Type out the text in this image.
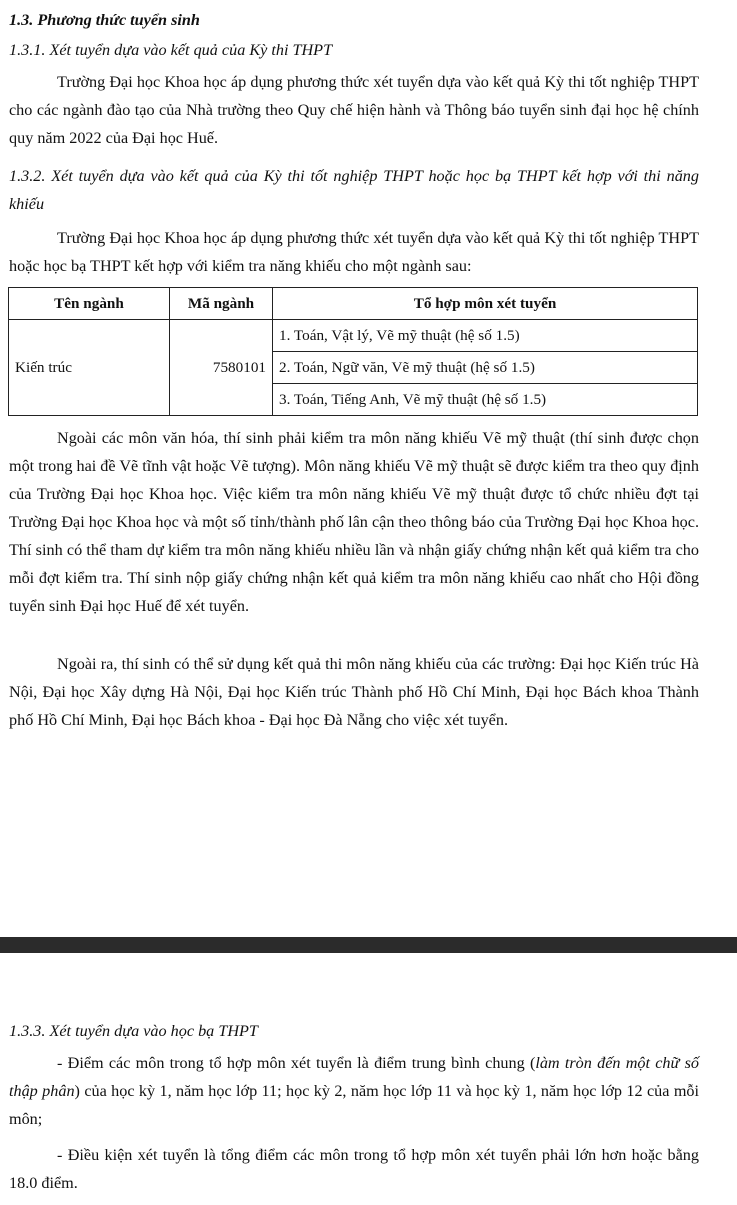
1.3. Phương thức tuyển sinh
1.3.1. Xét tuyển dựa vào kết quả của Kỳ thi THPT
Trường Đại học Khoa học áp dụng phương thức xét tuyển dựa vào kết quả Kỳ thi tốt nghiệp THPT cho các ngành đào tạo của Nhà trường theo Quy chế hiện hành và Thông báo tuyển sinh đại học hệ chính quy năm 2022 của Đại học Huế.
1.3.2. Xét tuyển dựa vào kết quả của Kỳ thi tốt nghiệp THPT hoặc học bạ THPT kết hợp với thi năng khiếu
Trường Đại học Khoa học áp dụng phương thức xét tuyển dựa vào kết quả Kỳ thi tốt nghiệp THPT hoặc học bạ THPT kết hợp với kiểm tra năng khiếu cho một ngành sau:
Tên ngành	Mã ngành	Tổ hợp môn xét tuyển
Kiến trúc	7580101	1. Toán, Vật lý, Vẽ mỹ thuật (hệ số 1.5)
		2. Toán, Ngữ văn, Vẽ mỹ thuật (hệ số 1.5)
		3. Toán, Tiếng Anh, Vẽ mỹ thuật (hệ số 1.5)
Ngoài các môn văn hóa, thí sinh phải kiểm tra môn năng khiếu Vẽ mỹ thuật (thí sinh được chọn một trong hai đề Vẽ tĩnh vật hoặc Vẽ tượng). Môn năng khiếu Vẽ mỹ thuật sẽ được kiểm tra theo quy định của Trường Đại học Khoa học. Việc kiểm tra môn năng khiếu Vẽ mỹ thuật được tổ chức nhiều đợt tại Trường Đại học Khoa học và một số tỉnh/thành phố lân cận theo thông báo của Trường Đại học Khoa học. Thí sinh có thể tham dự kiểm tra môn năng khiếu nhiều lần và nhận giấy chứng nhận kết quả kiểm tra cho mỗi đợt kiểm tra. Thí sinh nộp giấy chứng nhận kết quả kiểm tra môn năng khiếu cao nhất cho Hội đồng tuyển sinh Đại học Huế để xét tuyển.
Ngoài ra, thí sinh có thể sử dụng kết quả thi môn năng khiếu của các trường: Đại học Kiến trúc Hà Nội, Đại học Xây dựng Hà Nội, Đại học Kiến trúc Thành phố Hồ Chí Minh, Đại học Bách khoa Thành phố Hồ Chí Minh, Đại học Bách khoa - Đại học Đà Nẵng cho việc xét tuyển.
1.3.3. Xét tuyển dựa vào học bạ THPT
- Điểm các môn trong tổ hợp môn xét tuyển là điểm trung bình chung (làm tròn đến một chữ số thập phân) của học kỳ 1, năm học lớp 11; học kỳ 2, năm học lớp 11 và học kỳ 1, năm học lớp 12 của mỗi môn;
- Điều kiện xét tuyển là tổng điểm các môn trong tổ hợp môn xét tuyển phải lớn hơn hoặc bằng 18.0 điểm.
